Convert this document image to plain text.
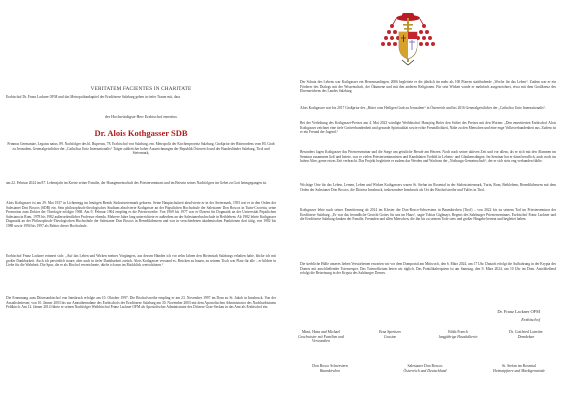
VERITATEM FACIENTES IN CHARITATE

Erzbischof Dr. Franz Lackner OFM und das Metropolitankapitel der Erzdiözese Salzburg geben in tiefer Trauer mit, dass

der Hochwürdigste Herr Erzbischof emeritus
Dr. Alois Kothgasser SDB

Prinmas Germaniae, Legatus natus, 89. Nachfolger des hl. Rupertus, 78. Erzbischof von Salzburg, em. Metropolit der Kirchenprovinz Salzburg, Großprior der Ritterordens vom Hl. Grab zu Jerusalem, Generalgeistlicher der „Catholica Unio Internationalis“ Träger zahlreicher hoher Auszeichnungen der Republik Österreich und der Bundesländer Salzburg, Tirol und Steiermark,

am 22. Februar 2024 im 87. Lebensjahr im Kreise seiner Familie, der Hausgemeinschaft des Priesterseminars und im Beisein seines Nachfolgers im Gebet zu Gott heimgegangen ist.

Alois Kothgasser ist am 29. Mai 1937 in Lichtenegg im heutigen Bezirk Südoststeiermark geboren. Seine Hauptschulzeit absolvierte er in der Steiermark, 1955 trat er in den Orden der Salesianer Don Boscos (SDB) ein. Sein philosophisch-theologisches Studium absolvierte Kothgasser an der Päpstlichen Hochschule der Salesianer Don Boscos in Turin-Crocetta, seine Promotion zum Doktor der Theologie erfolgte 1968. Am 9. Februar 1964 empfing er die Priesterweihe. Von 1969 bis 1977 war er Dozent für Dogmatik an der Universität Päpstlichen Salesiana in Rom, 1978 bis 1982 außerordentlicher Professor ebenda. Mehrere Jahre lang unterrichtete er außerdem an der Salesianerhochschule in Bethlehem. Ab 1982 lehrte Kothgasser Dogmatik an der Philosophisch-Theologischen Hochschule der Salesianer Don Boscos in Benediktbeuern und war in verschiedenen akademischen Funktionen dort tätig, von 1982 bis 1988 sowie 1994 bis 1997 als Rektor dieser Hochschule.

Erzbischof Franz Lackner erinnert sich: „Auf das Leben und Wirken meines Vorgängers, aus dessen Händen ich vor zehn Jahren den Hirtenstab Salzburgs erhalten habe, blicke ich mit großer Dankbarkeit. Auch ich persönlich traure, aber auch in tiefer Dankbarkeit zurück. Alois Kothgasser verstand es, Brücken zu bauen, zu seinem Tisch war Platz für alle – er bildete in Liebe für die Wahrheit. Die Spur, die er als Bischof verzeichnete, dürfte ich nun im Rückblick wertschätzen.“

Die Ernennung zum Diözesanbischof von Innsbruck erfolgte am 10. Oktober 1997. Die Bischofsweihe empfing er am 23. November 1997 im Dom zu St. Jakob in Innsbruck. Von der Anstaltsbetreuer, von 10. Jänner 2003 bis zur Amtsübernahme des Erzbischofs der Erzdiözese Salzburg am 30. November 2003 mit dem Apostolischen Administrator des Nachbarbistums Feldkirch. Am 12. Jänner 2014 führte er seinen Nachfolger Weihbischof Franz Lackner OFM als Apostolischer Administrator des Diözese Graz-Seckau in das Amt als Erzbischof ein.

Der Schutz des Lebens war Kothgasser ein Herzensanliegen. 2006 begleitete er die jährlich im mehr als 100 Pfarren stattfindende „Woche für das Leben“. Zudem war er ein Förderer des Dialogs mit der Wissenschaft, der Ökumene und mit den anderen Religionen. Für sein Wirken wurde er mehrfach ausgezeichnet, etwa mit dem Großkreuz des Ehrenzeichens des Landes Salzburg.

Alois Kothgasser war bis 2017 Großprior des „Ritter vom Heiligen Grab zu Jerusalem“ in Österreich und bis 2016 Generalgeistlicher der „Catholica Unio Internationalis“.

Bei der Verleihung des Kothgasser-Preises am 4. Mai 2023 würdigte Weihbischof Hansjörg Hofer den Stifter des Preises mit den Worten: „Den emeritierten Erzbischof Alois Kothgasser zeichnet eine tiefe Gottverbundenheit und gesunde Spiritualität sowie echte Freundlichkeit, Nähe zu den Menschen und eine enge Volksverbundenheit aus. Zudem ist er ein Freund der Jugend.“

Besonders lagen Kothgasser das Priesterseminar und die Sorge um geistliche Berufe am Herzen. Noch nach seiner aktiven Zeit und vor allem, als er sich mit den Alumnen im Seminar zusammen ließ und betete, war er vielen Priesterseminaristen und Kandidaten Vorbild in Lebens- und Glaubensdingen. Im Seminar hat er dann beruflich, auch noch im hohen Alter, gerne etwas Zeit verbracht. Das Projekt begleitete er zudem das Werden und Wachsen der „Notburga-Gemeinschaft“, der er sich stets eng verbunden fühlte.

Wichtige Orte für das Leben, Lernen, Leben und Wirken Kothgassers waren St. Stefan im Rosental in der Südoststeiermark, Turin, Rom, Bethlehem, Benediktbeuern mit dem Orden der Salesianer Don Boscos, die Diözese Innsbruck, insbesondere Innsbruck als Ort der Bischofsweihe und Tulfes in Tirol.

Kothgasser lebte nach seiner Emeritierung ab 2014 im Kloster der Don-Bosco-Schwestern in Baumkirchen (Tirol) – von 2022 bis zu seinem Tod im Priesterseminar der Erzdiözese Salzburg. „Er war das freundliche Gesicht Gottes für uns im Haus“, sagte Tobias Giglmayr, Regens des Salzburger Priesterseminars. Erzbischof Franz Lackner und die Erzdiözese Salzburg danken der Familie, Freunden und allen Menschen, die ihn bis zu seinem Tode stets und großer Hingabe betreut und begleitet haben.

Die sterbliche Hülle unseres lieben Verstorbenen erwarten wir vor dem Domportal am Mittwoch, den 6. März 2024, um 17 Uhr. Danach erfolgt die Aufbahrung in der Krypta des Domes mit anschließender Totenvesper. Das Totenoffizium beten wir täglich. Das Pontifikalrequiem ist am Samstag, den 9. März 2024, um 10 Uhr im Dom. Anschließend erfolgt die Beisetzung in der Krypta des Salzburger Domes.

Dr. Franz Lackner OFM
Erzbischof
Mimi, Hans und Michael
Geschwister mit Familien und Verwandten
Erna Spreitzer
Cousine
Edith Fraech
langjährige Haushälterin
Dr. Gottfried Laireiter
Domdekan
Don Bosco Schwestern
Baumkirchen
Salesianer Don Boscos
Österreich und Deutschland
St. Stefan im Rosental
Heimatpfarre und Marktgemeinde
